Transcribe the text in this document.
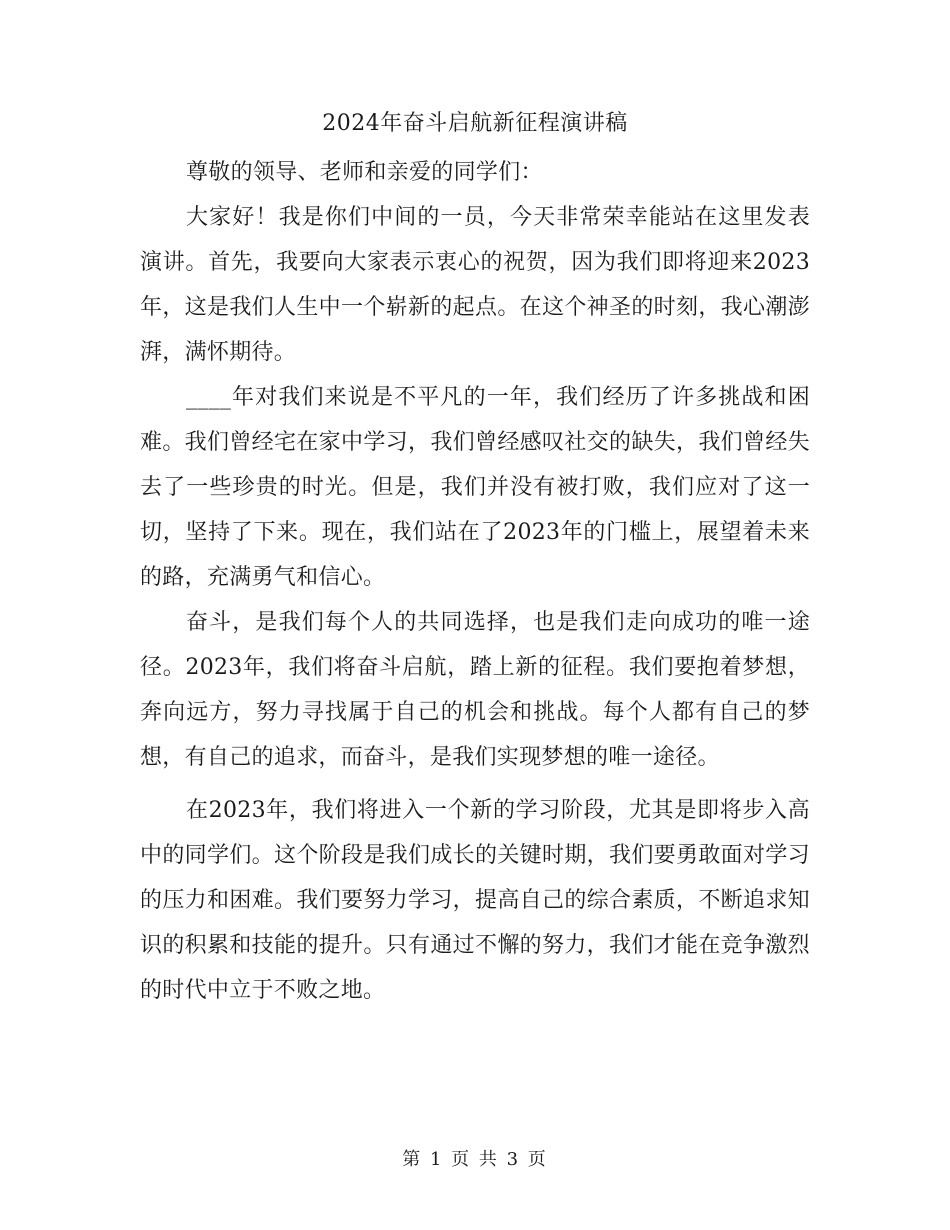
2024年奋斗启航新征程演讲稿

尊敬的领导、老师和亲爱的同学们：

大家好！我是你们中间的一员，今天非常荣幸能站在这里发表演讲。首先，我要向大家表示衷心的祝贺，因为我们即将迎来2023年，这是我们人生中一个崭新的起点。在这个神圣的时刻，我心潮澎湃，满怀期待。

____年对我们来说是不平凡的一年，我们经历了许多挑战和困难。我们曾经宅在家中学习，我们曾经感叹社交的缺失，我们曾经失去了一些珍贵的时光。但是，我们并没有被打败，我们应对了这一切，坚持了下来。现在，我们站在了2023年的门槛上，展望着未来的路，充满勇气和信心。

奋斗，是我们每个人的共同选择，也是我们走向成功的唯一途径。2023年，我们将奋斗启航，踏上新的征程。我们要抱着梦想，奔向远方，努力寻找属于自己的机会和挑战。每个人都有自己的梦想，有自己的追求，而奋斗，是我们实现梦想的唯一途径。

在2023年，我们将进入一个新的学习阶段，尤其是即将步入高中的同学们。这个阶段是我们成长的关键时期，我们要勇敢面对学习的压力和困难。我们要努力学习，提高自己的综合素质，不断追求知识的积累和技能的提升。只有通过不懈的努力，我们才能在竞争激烈的时代中立于不败之地。

第 1 页 共 3 页
